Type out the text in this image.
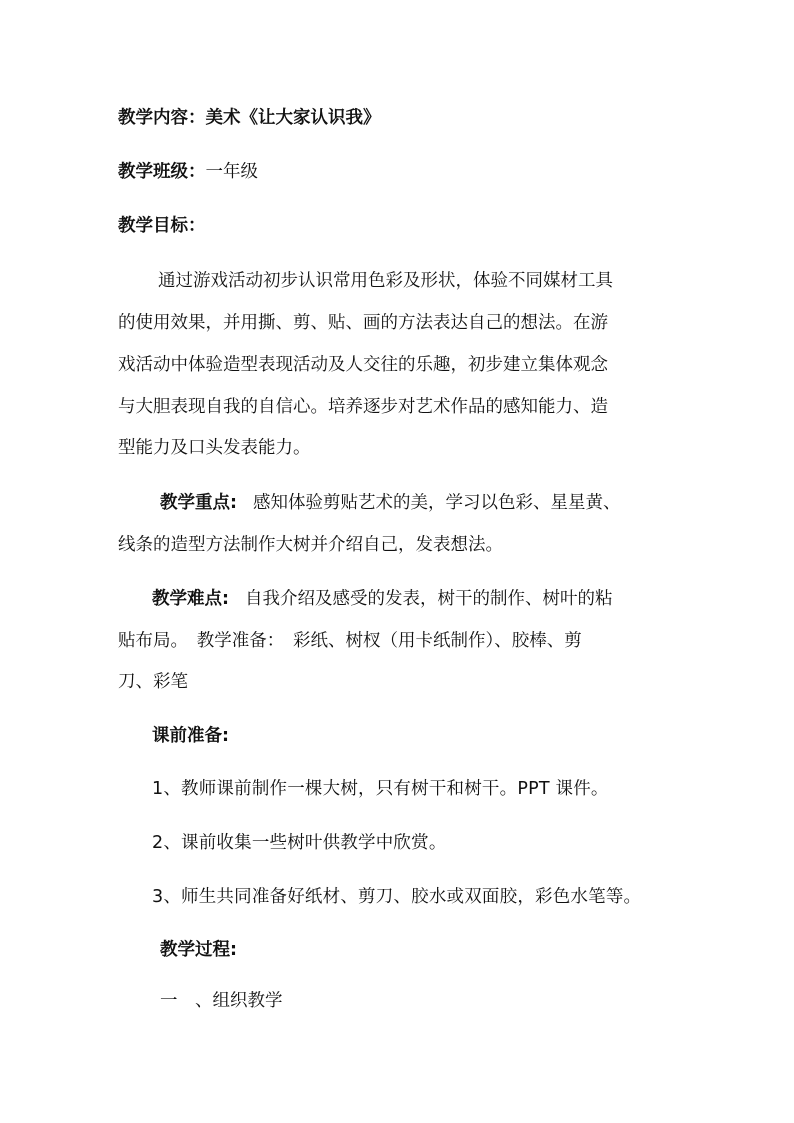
教学内容：美术《让大家认识我》
教学班级：一年级
教学目标：
通过游戏活动初步认识常用色彩及形状，体验不同媒材工具
的使用效果，并用撕、剪、贴、画的方法表达自己的想法。在游
戏活动中体验造型表现活动及人交往的乐趣，初步建立集体观念
与大胆表现自我的自信心。培养逐步对艺术作品的感知能力、造
型能力及口头发表能力。
教学重点: 感知体验剪贴艺术的美，学习以色彩、星星黄、
线条的造型方法制作大树并介绍自己，发表想法。
教学难点: 自我介绍及感受的发表，树干的制作、树叶的粘
贴布局。　教学准备：　彩纸、树杈（用卡纸制作）、胶棒、剪
刀、彩笔
课前准备:
1、教师课前制作一棵大树，只有树干和树干。PPT 课件。
2、课前收集一些树叶供教学中欣赏。
3、师生共同准备好纸材、剪刀、胶水或双面胶，彩色水笔等。
教学过程:
一　、组织教学
